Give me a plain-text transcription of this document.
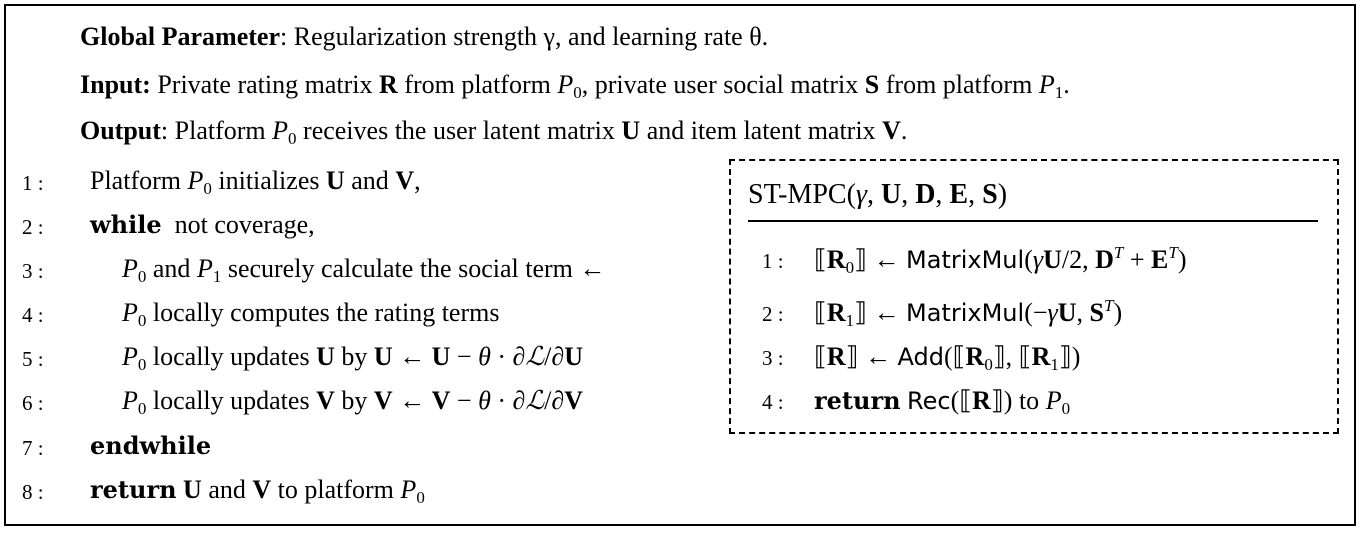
Global Parameter: Regularization strength γ, and learning rate θ.
Input: Private rating matrix R from platform $P_0$, private user social matrix S from platform $P_1$.
Output: Platform $P_0$ receives the user latent matrix U and item latent matrix V.
1 :	Platform $P_0$ initializes U and V,
2 :	while  not coverage,
3 :	$P_0$ and $P_1$ securely calculate the social term ←
4 :	$P_0$ locally computes the rating terms
5 :	$P_0$ locally updates U by U ← U − θ · ∂ℒ/∂U
6 :	$P_0$ locally updates V by V ← V − θ · ∂ℒ/∂V
7 :	endwhile
8 :	return U and V to platform $P_0$
ST-MPC(γ, U, D, E, S)
1 : $⟦R_0⟧$ ← MatrixMul(γU/2, $D^T + E^T$)
2 : $⟦R_1⟧$ ← MatrixMul(−γU, $S^T$)
3 : ⟦R⟧ ← $Add(⟦R_0⟧$, $⟦R_1⟧$)
4 : return Rec(⟦R⟧) to $P_0$
